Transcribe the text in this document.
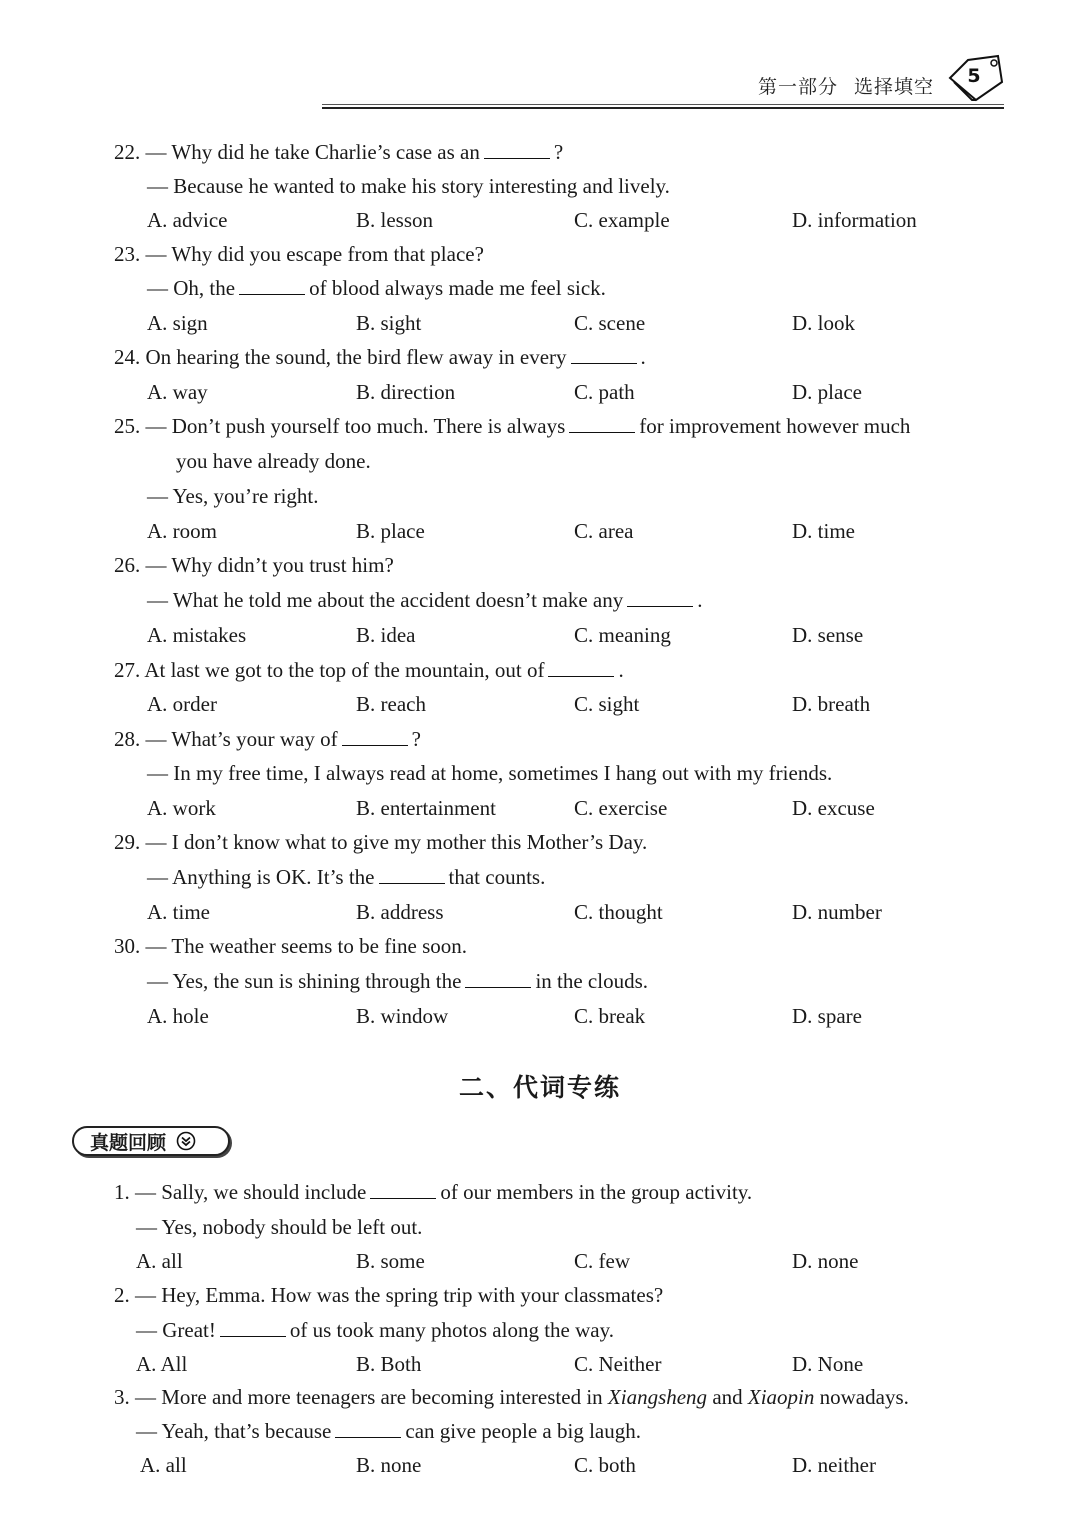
第一部分 选择填空 5
22. — Why did he take Charlie’s case as an	?
— Because he wanted to make his story interesting and lively.
A. advice	B. lesson	C. example	D. information
23. — Why did you escape from that place?
— Oh, the	of blood always made me feel sick.
A. sign	B. sight	C. scene	D. look
24. On hearing the sound, the bird flew away in every	.
A. way	B. direction	C. path	D. place
25. — Don’t push yourself too much. There is always	for improvement however much
you have already done.
— Yes, you’re right.
A. room	B. place	C. area	D. time
26. — Why didn’t you trust him?
— What he told me about the accident doesn’t make any	.
A. mistakes	B. idea	C. meaning	D. sense
27. At last we got to the top of the mountain, out of	.
A. order	B. reach	C. sight	D. breath
28. — What’s your way of	?
— In my free time, I always read at home, sometimes I hang out with my friends.
A. work	B. entertainment	C. exercise	D. excuse
29. — I don’t know what to give my mother this Mother’s Day.
— Anything is OK. It’s the	that counts.
A. time	B. address	C. thought	D. number
30. — The weather seems to be fine soon.
— Yes, the sun is shining through the	in the clouds.
A. hole	B. window	C. break	D. spare
二、代词专练
真题回顾
1. — Sally, we should include	of our members in the group activity.
— Yes, nobody should be left out.
A. all	B. some	C. few	D. none
2. — Hey, Emma. How was the spring trip with your classmates?
— Great!	of us took many photos along the way.
A. All	B. Both	C. Neither	D. None
3. — More and more teenagers are becoming interested in Xiangsheng and Xiaopin nowadays.
— Yeah, that’s because	can give people a big laugh.
A. all	B. none	C. both	D. neither
